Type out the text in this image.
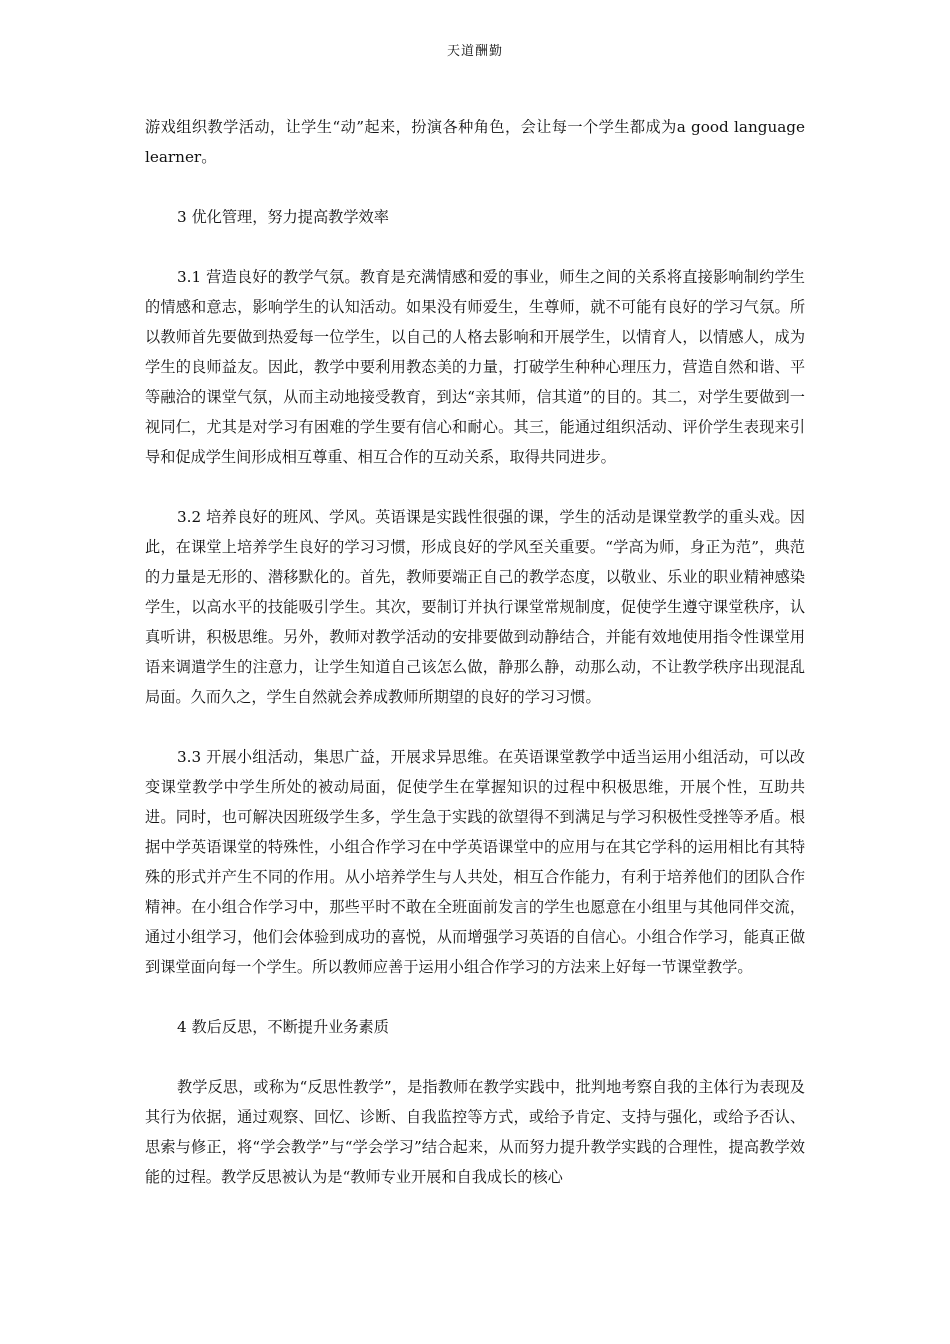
天道酬勤

游戏组织教学活动，让学生“动”起来，扮演各种角色，会让每一个学生都成为a good language learner。

3 优化管理，努力提高教学效率

3.1 营造良好的教学气氛。教育是充满情感和爱的事业，师生之间的关系将直接影响制约学生的情感和意志，影响学生的认知活动。如果没有师爱生，生尊师，就不可能有良好的学习气氛。所以教师首先要做到热爱每一位学生，以自己的人格去影响和开展学生，以情育人，以情感人，成为学生的良师益友。因此，教学中要利用教态美的力量，打破学生种种心理压力，营造自然和谐、平等融洽的课堂气氛，从而主动地接受教育，到达“亲其师，信其道”的目的。其二，对学生要做到一视同仁，尤其是对学习有困难的学生要有信心和耐心。其三，能通过组织活动、评价学生表现来引导和促成学生间形成相互尊重、相互合作的互动关系，取得共同进步。

3.2 培养良好的班风、学风。英语课是实践性很强的课，学生的活动是课堂教学的重头戏。因此，在课堂上培养学生良好的学习习惯，形成良好的学风至关重要。“学高为师，身正为范”，典范的力量是无形的、潜移默化的。首先，教师要端正自己的教学态度，以敬业、乐业的职业精神感染学生，以高水平的技能吸引学生。其次，要制订并执行课堂常规制度，促使学生遵守课堂秩序，认真听讲，积极思维。另外，教师对教学活动的安排要做到动静结合，并能有效地使用指令性课堂用语来调遣学生的注意力，让学生知道自己该怎么做，静那么静，动那么动，不让教学秩序出现混乱局面。久而久之，学生自然就会养成教师所期望的良好的学习习惯。

3.3 开展小组活动，集思广益，开展求异思维。在英语课堂教学中适当运用小组活动，可以改变课堂教学中学生所处的被动局面，促使学生在掌握知识的过程中积极思维，开展个性，互助共进。同时，也可解决因班级学生多，学生急于实践的欲望得不到满足与学习积极性受挫等矛盾。根据中学英语课堂的特殊性，小组合作学习在中学英语课堂中的应用与在其它学科的运用相比有其特殊的形式并产生不同的作用。从小培养学生与人共处，相互合作能力，有利于培养他们的团队合作精神。在小组合作学习中，那些平时不敢在全班面前发言的学生也愿意在小组里与其他同伴交流，通过小组学习，他们会体验到成功的喜悦，从而增强学习英语的自信心。小组合作学习，能真正做到课堂面向每一个学生。所以教师应善于运用小组合作学习的方法来上好每一节课堂教学。

4 教后反思，不断提升业务素质

教学反思，或称为“反思性教学”，是指教师在教学实践中，批判地考察自我的主体行为表现及其行为依据，通过观察、回忆、诊断、自我监控等方式，或给予肯定、支持与强化，或给予否认、思索与修正，将“学会教学”与“学会学习”结合起来，从而努力提升教学实践的合理性，提高教学效能的过程。教学反思被认为是“教师专业开展和自我成长的核心
